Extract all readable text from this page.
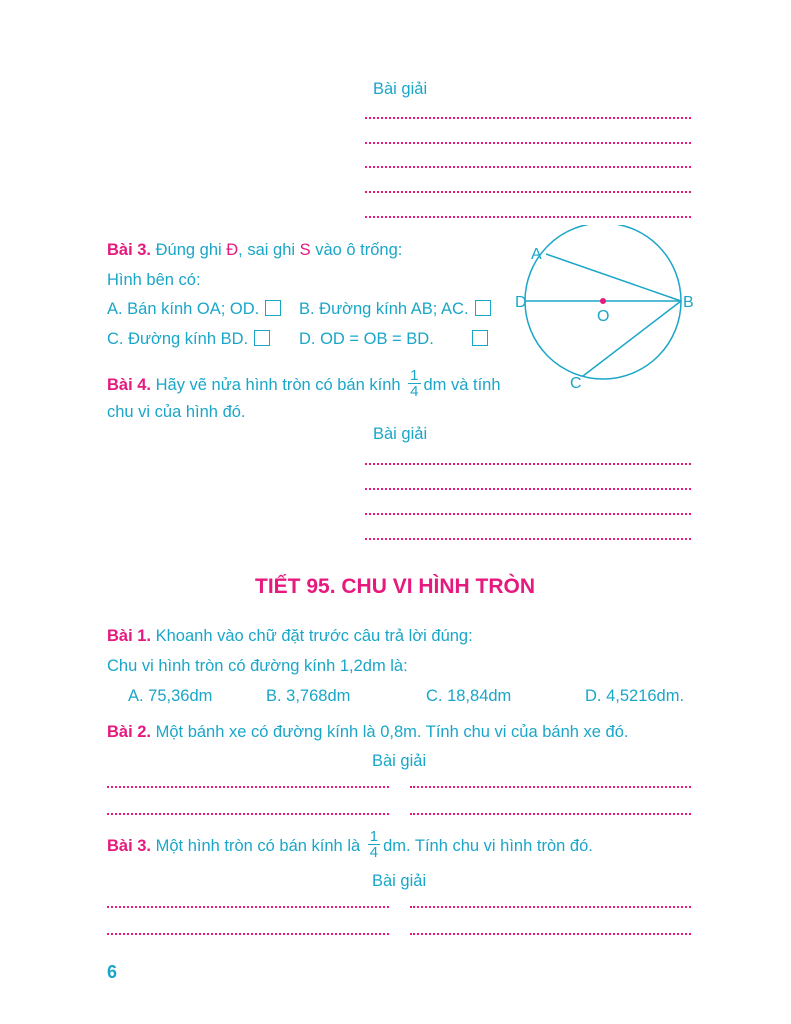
Bài giải
Bài 3. Đúng ghi Đ, sai ghi S vào ô trống:
Hình bên có:
A. Bán kính OA; OD.	B. Đường kính AB; AC.
C. Đường kính BD.	D. OD = OB = BD.
A
B
C
D
O
Bài 4. Hãy vẽ nửa hình tròn có bán kính $\frac{1}{4}$ dm và tính
chu vi của hình đó.
Bài giải
TIẾT 95. CHU VI HÌNH TRÒN
Bài 1. Khoanh vào chữ đặt trước câu trả lời đúng:
Chu vi hình tròn có đường kính 1,2dm là:
A. 75,36dm	B. 3,768dm	C. 18,84dm	D. 4,5216dm.
Bài 2. Một bánh xe có đường kính là 0,8m. Tính chu vi của bánh xe đó.
Bài giải
Bài 3. Một hình tròn có bán kính là $\frac{1}{4}$ dm. Tính chu vi hình tròn đó.
Bài giải
6
